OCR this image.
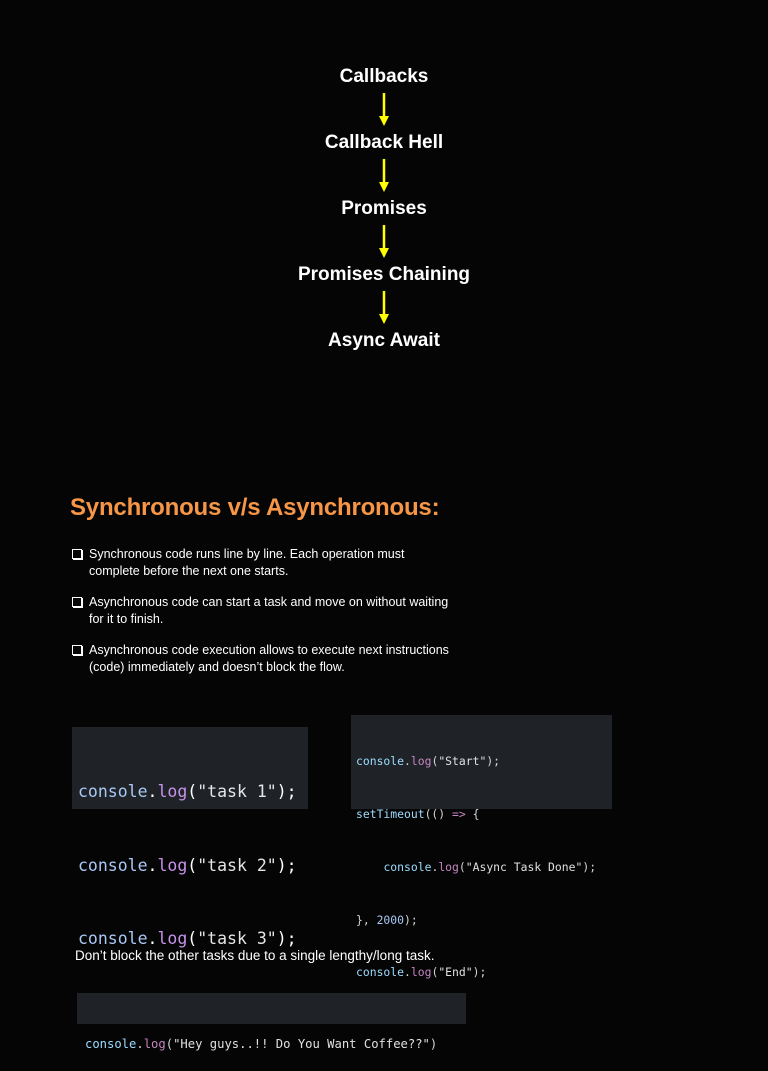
Callbacks
Callback Hell
Promises
Promises Chaining
Async Await
Synchronous v/s Asynchronous:
Synchronous code runs line by line. Each operation must
complete before the next one starts.
Asynchronous code can start a task and move on without waiting
for it to finish.
Asynchronous code execution allows to execute next instructions
(code) immediately and doesn’t block the flow.

console.log("task 1");

console.log("task 2");

console.log("task 3");

console.log("Start");

setTimeout(() => {

console.log("Async Task Done");

}, 2000);

console.log("End");

Don’t block the other tasks due to a single lengthy/long task.

console.log("Hey guys..!! Do You Want Coffee??")
